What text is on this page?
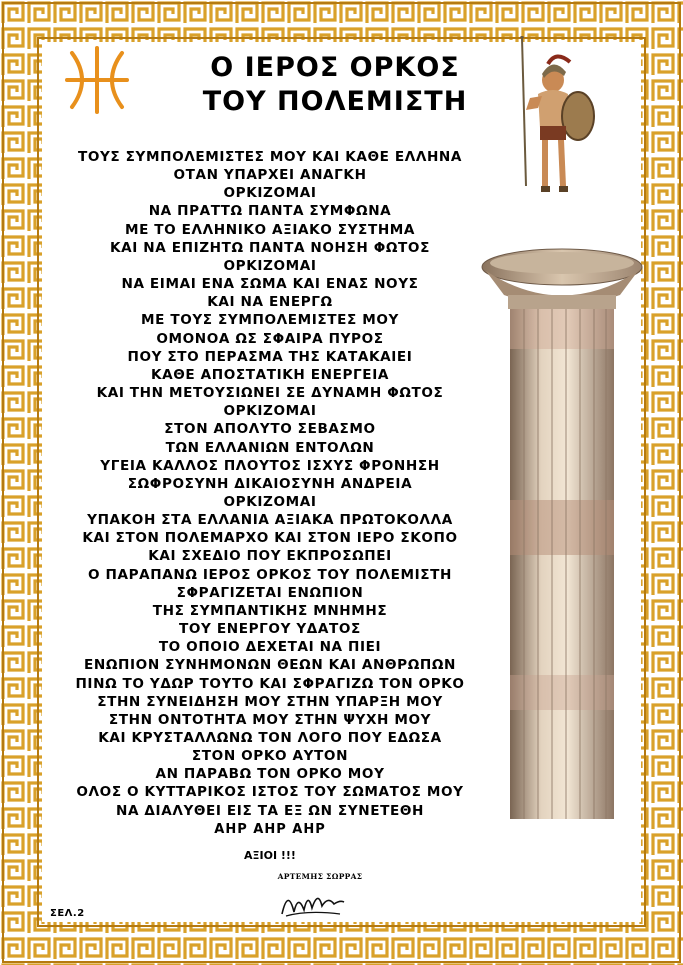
Ο ΙΕΡΟΣ ΟΡΚΟΣ
ΤΟΥ ΠΟΛΕΜΙΣΤΗ
ΤΟΥΣ ΣΥΜΠΟΛΕΜΙΣΤΕΣ ΜΟΥ ΚΑΙ ΚΑΘΕ ΕΛΛΗΝΑ
ΟΤΑΝ ΥΠΑΡΧΕΙ ΑΝΑΓΚΗ
ΟΡΚΙΖΟΜΑΙ
ΝΑ ΠΡΑΤΤΩ ΠΑΝΤΑ ΣΥΜΦΩΝΑ
ΜΕ ΤΟ ΕΛΛΗΝΙΚΟ ΑΞΙΑΚΟ ΣΥΣΤΗΜΑ
ΚΑΙ ΝΑ ΕΠΙΖΗΤΩ ΠΑΝΤΑ ΝΟΗΣΗ ΦΩΤΟΣ
ΟΡΚΙΖΟΜΑΙ
ΝΑ ΕΙΜΑΙ ΕΝΑ ΣΩΜΑ ΚΑΙ ΕΝΑΣ ΝΟΥΣ
ΚΑΙ ΝΑ ΕΝΕΡΓΩ
ΜΕ ΤΟΥΣ ΣΥΜΠΟΛΕΜΙΣΤΕΣ ΜΟΥ
ΟΜΟΝΟΑ ΩΣ ΣΦΑΙΡΑ ΠΥΡΟΣ
ΠΟΥ ΣΤΟ ΠΕΡΑΣΜΑ ΤΗΣ ΚΑΤΑΚΑΙΕΙ
ΚΑΘΕ ΑΠΟΣΤΑΤΙΚΗ ΕΝΕΡΓΕΙΑ
ΚΑΙ ΤΗΝ ΜΕΤΟΥΣΙΩΝΕΙ ΣΕ ΔΥΝΑΜΗ ΦΩΤΟΣ
ΟΡΚΙΖΟΜΑΙ
ΣΤΟΝ ΑΠΟΛΥΤΟ ΣΕΒΑΣΜΟ
ΤΩΝ ΕΛΛΑΝΙΩΝ ΕΝΤΟΛΩΝ
ΥΓΕΙΑ ΚΑΛΛΟΣ ΠΛΟΥΤΟΣ ΙΣΧΥΣ ΦΡΟΝΗΣΗ
ΣΩΦΡΟΣΥΝΗ ΔΙΚΑΙΟΣΥΝΗ ΑΝΔΡΕΙΑ
ΟΡΚΙΖΟΜΑΙ
ΥΠΑΚΟΗ ΣΤΑ ΕΛΛΑΝΙΑ ΑΞΙΑΚΑ ΠΡΩΤΟΚΟΛΛΑ
ΚΑΙ ΣΤΟΝ ΠΟΛΕΜΑΡΧΟ ΚΑΙ ΣΤΟΝ ΙΕΡΟ ΣΚΟΠΟ
ΚΑΙ ΣΧΕΔΙΟ ΠΟΥ ΕΚΠΡΟΣΩΠΕΙ
Ο ΠΑΡΑΠΑΝΩ ΙΕΡΟΣ ΟΡΚΟΣ ΤΟΥ ΠΟΛΕΜΙΣΤΗ
ΣΦΡΑΓΙΖΕΤΑΙ ΕΝΩΠΙΟΝ
ΤΗΣ ΣΥΜΠΑΝΤΙΚΗΣ ΜΝΗΜΗΣ
ΤΟΥ ΕΝΕΡΓΟΥ ΥΔΑΤΟΣ
ΤΟ ΟΠΟΙΟ ΔΕΧΕΤΑΙ ΝΑ ΠΙΕΙ
ΕΝΩΠΙΟΝ ΣΥΝΗΜΟΝΩΝ ΘΕΩΝ ΚΑΙ ΑΝΘΡΩΠΩΝ
ΠΙΝΩ ΤΟ ΥΔΩΡ ΤΟΥΤΟ ΚΑΙ ΣΦΡΑΓΙΖΩ ΤΟΝ ΟΡΚΟ
ΣΤΗΝ ΣΥΝΕΙΔΗΣΗ ΜΟΥ ΣΤΗΝ ΥΠΑΡΞΗ ΜΟΥ
ΣΤΗΝ ΟΝΤΟΤΗΤΑ ΜΟΥ ΣΤΗΝ ΨΥΧΗ ΜΟΥ
ΚΑΙ ΚΡΥΣΤΑΛΛΩΝΩ ΤΟΝ ΛΟΓΟ ΠΟΥ ΕΔΩΣΑ
ΣΤΟΝ ΟΡΚΟ ΑΥΤΟΝ
ΑΝ ΠΑΡΑΒΩ ΤΟΝ ΟΡΚΟ ΜΟΥ
ΟΛΟΣ Ο ΚΥΤΤΑΡΙΚΟΣ ΙΣΤΟΣ ΤΟΥ ΣΩΜΑΤΟΣ ΜΟΥ
ΝΑ ΔΙΑΛΥΘΕΙ ΕΙΣ ΤΑ ΕΞ ΩΝ ΣΥΝΕΤΕΘΗ
ΑΗΡ ΑΗΡ ΑΗΡ
ΑΞΙΟΙ !!!
ΑΡΤΕΜΗΣ ΣΩΡΡΑΣ
ΣΕΛ.2
